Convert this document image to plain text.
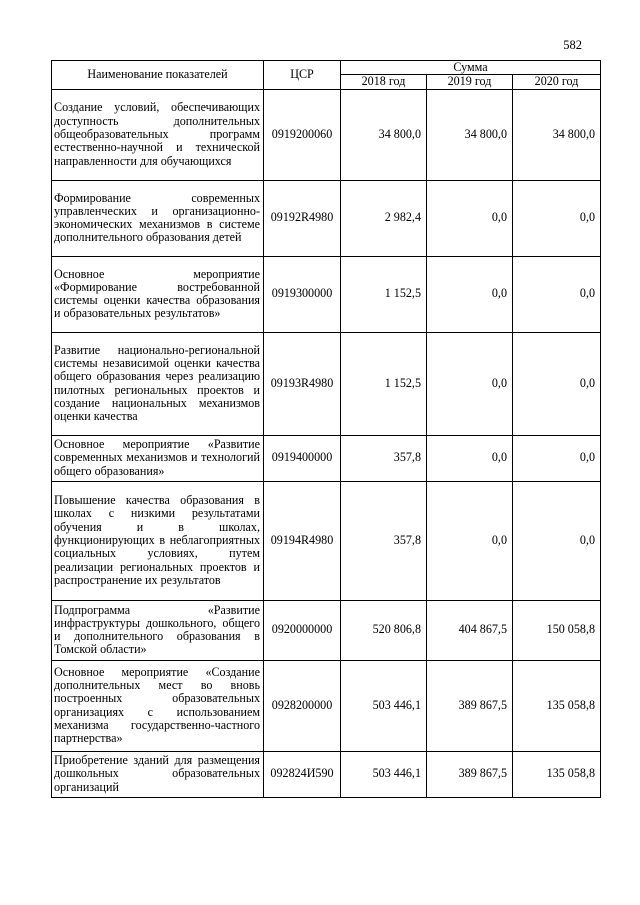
582
Наименование показателей	ЦСР	Сумма		
		2018 год	2019 год	2020 год
Создание условий, обеспечивающих доступность дополнительных общеобразовательных программ естественно-научной и технической направленности для обучающихся	0919200060	34 800,0	34 800,0	34 800,0
Формирование современных управленческих и организационно-экономических механизмов в системе дополнительного образования детей	09192R4980	2 982,4	0,0	0,0
Основное мероприятие «Формирование востребованной системы оценки качества образования и образовательных результатов»	0919300000	1 152,5	0,0	0,0
Развитие национально-региональной системы независимой оценки качества общего образования через реализацию пилотных региональных проектов и создание национальных механизмов оценки качества	09193R4980	1 152,5	0,0	0,0
Основное мероприятие «Развитие современных механизмов и технологий общего образования»	0919400000	357,8	0,0	0,0
Повышение качества образования в школах с низкими результатами обучения и в школах, функционирующих в неблагоприятных социальных условиях, путем реализации региональных проектов и распространение их результатов	09194R4980	357,8	0,0	0,0
Подпрограмма «Развитие инфраструктуры дошкольного, общего и дополнительного образования в Томской области»	0920000000	520 806,8	404 867,5	150 058,8
Основное мероприятие «Создание дополнительных мест во вновь построенных образовательных организациях с использованием механизма государственно-частного партнерства»	0928200000	503 446,1	389 867,5	135 058,8
Приобретение зданий для размещения дошкольных образовательных организаций	092824И590	503 446,1	389 867,5	135 058,8
